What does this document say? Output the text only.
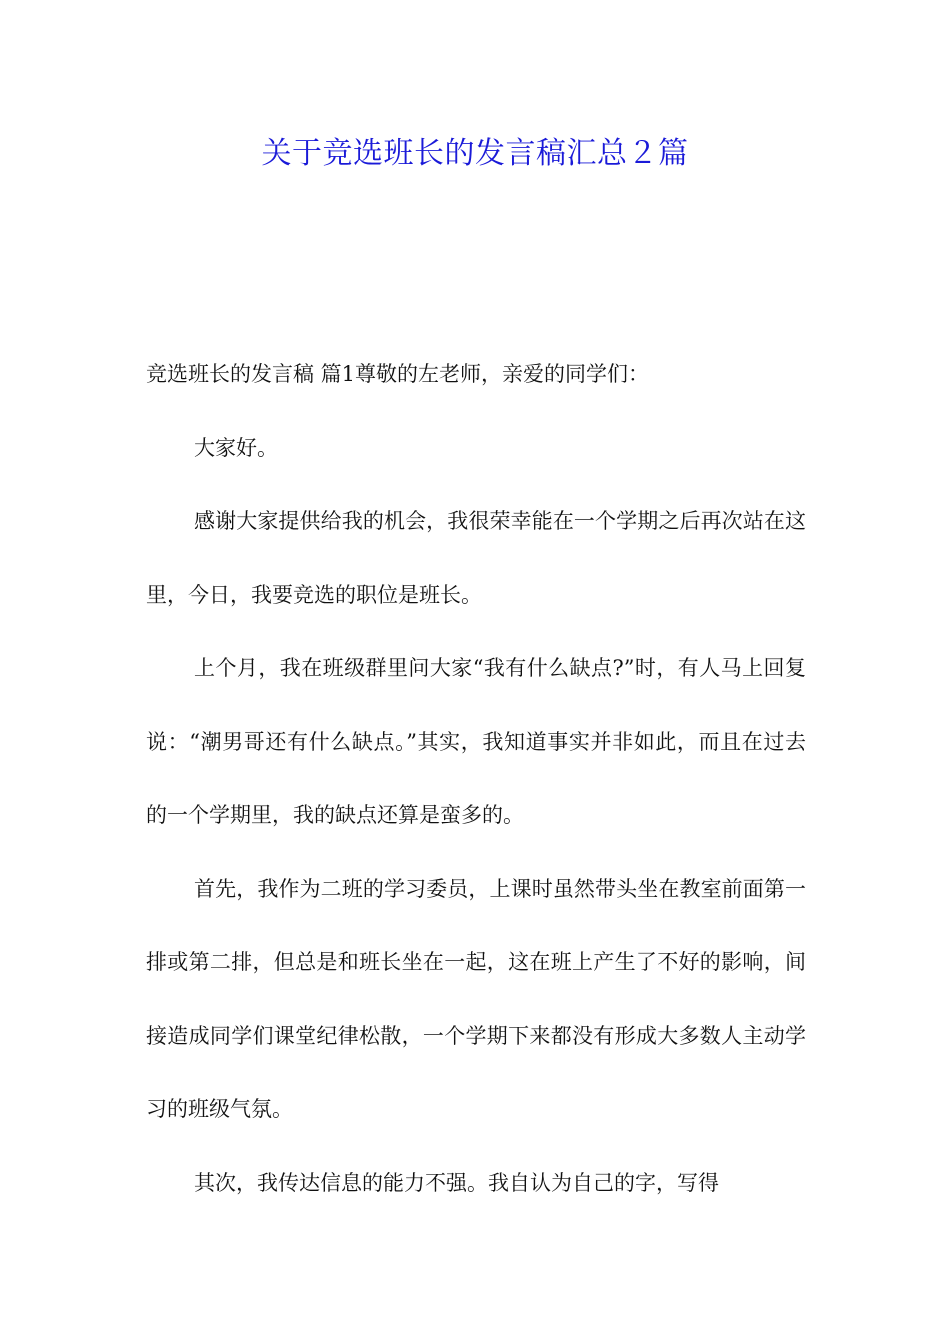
关于竞选班长的发言稿汇总２篇

竞选班长的发言稿 篇1尊敬的左老师，亲爱的同学们：

大家好。

感谢大家提供给我的机会，我很荣幸能在一个学期之后再次站在这里，今日，我要竞选的职位是班长。

上个月，我在班级群里问大家“我有什么缺点?”时，有人马上回复说：“潮男哥还有什么缺点。”其实，我知道事实并非如此，而且在过去的一个学期里，我的缺点还算是蛮多的。

首先，我作为二班的学习委员，上课时虽然带头坐在教室前面第一排或第二排，但总是和班长坐在一起，这在班上产生了不好的影响，间接造成同学们课堂纪律松散，一个学期下来都没有形成大多数人主动学习的班级气氛。

其次，我传达信息的能力不强。我自认为自己的字，写得
